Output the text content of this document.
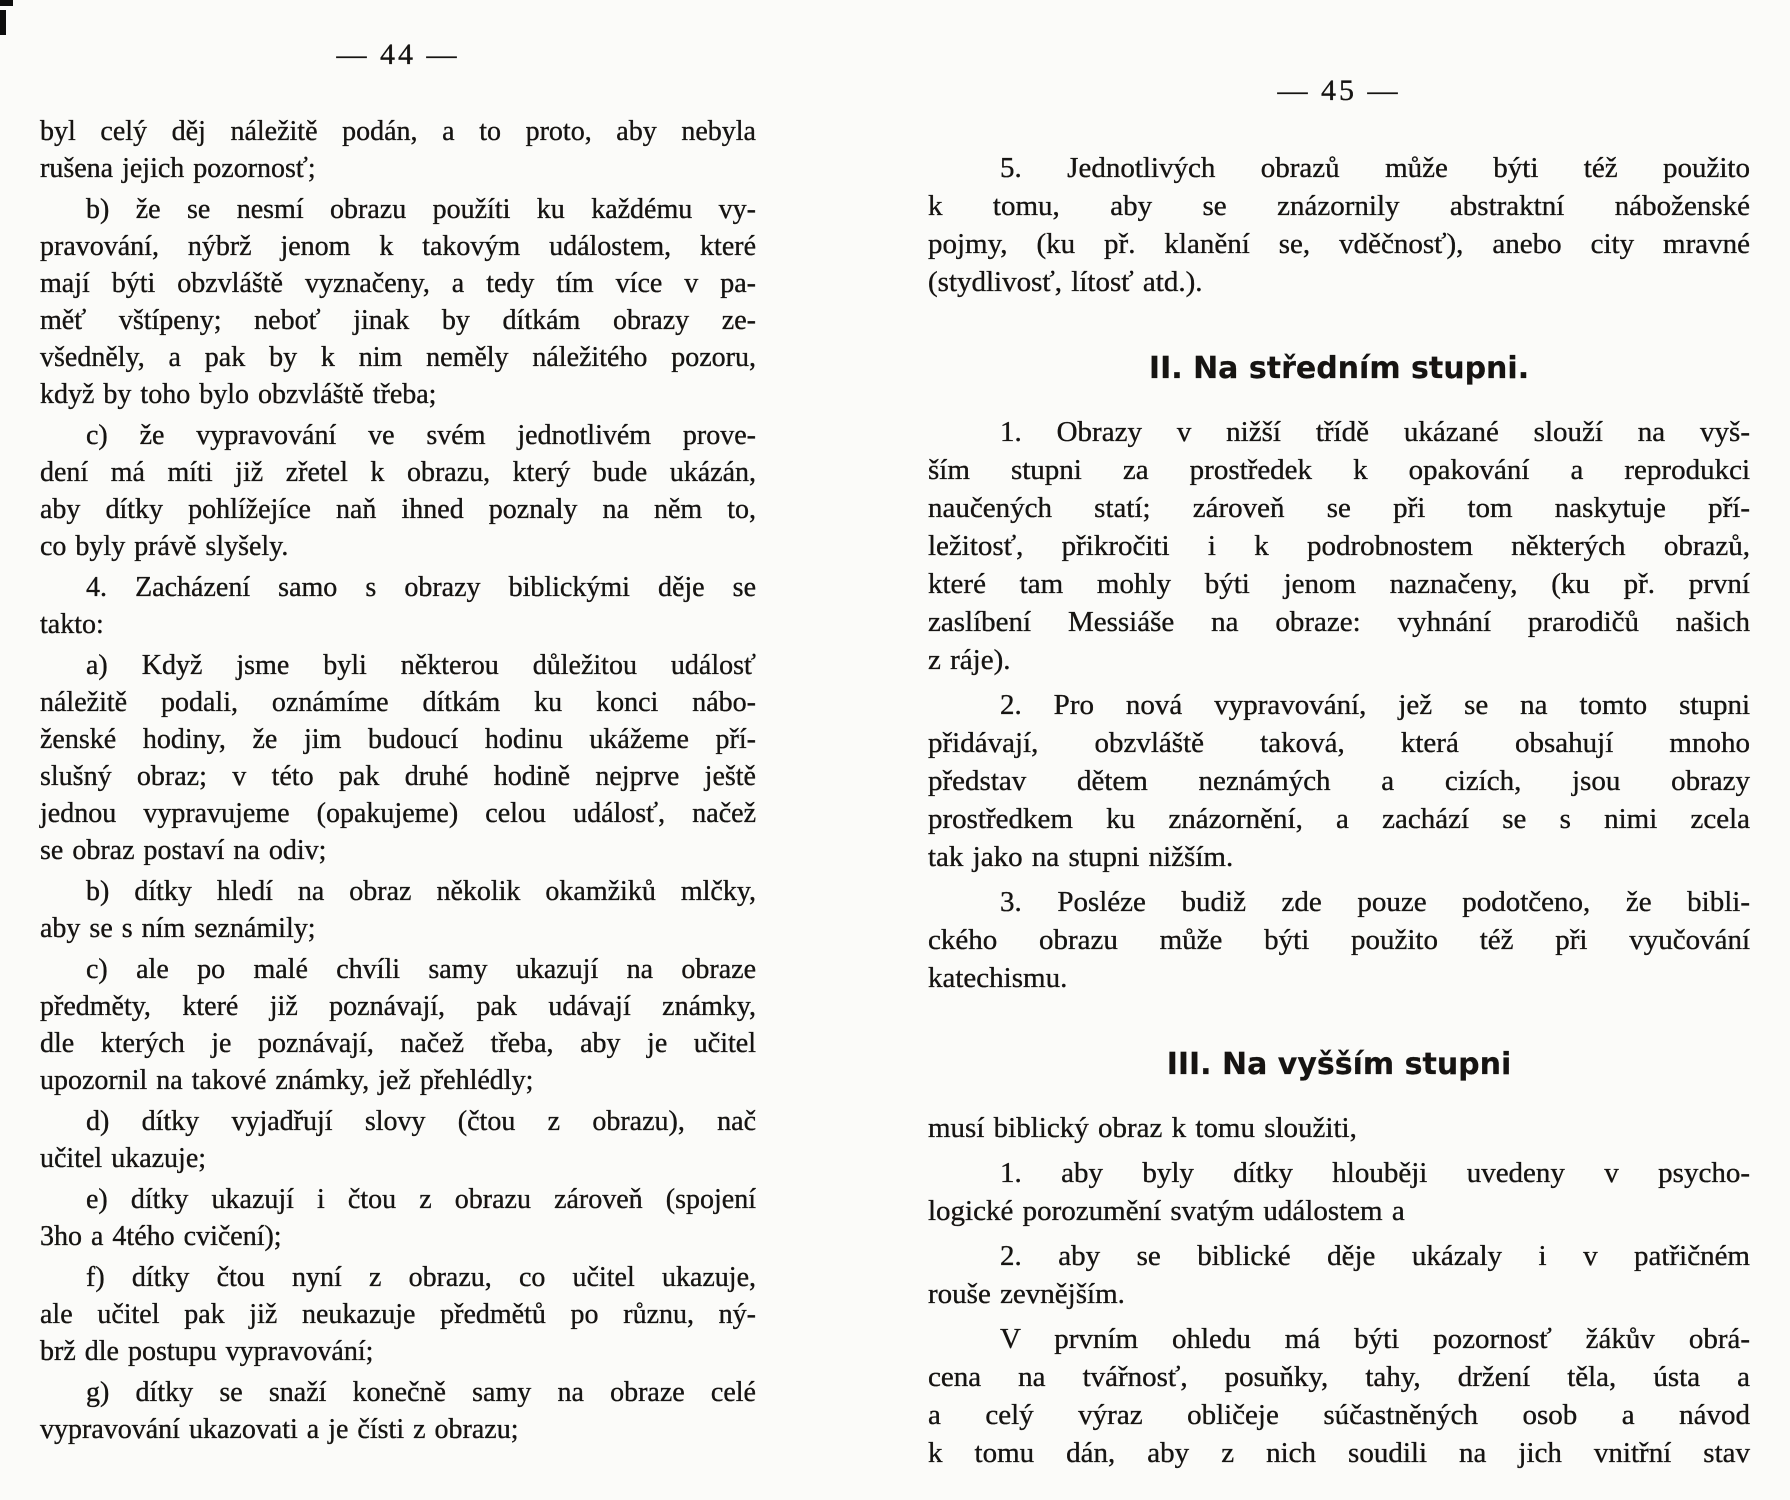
— 44 —
byl celý děj náležitě podán, a to proto, aby nebyla
rušena jejich pozornosť;
b) že se nesmí obrazu použíti ku každému vy-
pravování, nýbrž jenom k takovým událostem, které
mají býti obzvláště vyznačeny, a tedy tím více v pa-
měť vštípeny; neboť jinak by dítkám obrazy ze-
všedněly, a pak by k nim neměly náležitého pozoru,
když by toho bylo obzvláště třeba;
c) že vypravování ve svém jednotlivém prove-
dení má míti již zřetel k obrazu, který bude ukázán,
aby dítky pohlížejíce naň ihned poznaly na něm to,
co byly právě slyšely.
4. Zacházení samo s obrazy biblickými děje se
takto:
a) Když jsme byli některou důležitou událosť
náležitě podali, oznámíme dítkám ku konci nábo-
ženské hodiny, že jim budoucí hodinu ukážeme pří-
slušný obraz; v této pak druhé hodině nejprve ještě
jednou vypravujeme (opakujeme) celou událosť, načež
se obraz postaví na odiv;
b) dítky hledí na obraz několik okamžiků mlčky,
aby se s ním seznámily;
c) ale po malé chvíli samy ukazují na obraze
předměty, které již poznávají, pak udávají známky,
dle kterých je poznávají, načež třeba, aby je učitel
upozornil na takové známky, jež přehlédly;
d) dítky vyjadřují slovy (čtou z obrazu), nač
učitel ukazuje;
e) dítky ukazují i čtou z obrazu zároveň (spojení
3ho a 4tého cvičení);
f) dítky čtou nyní z obrazu, co učitel ukazuje,
ale učitel pak již neukazuje předmětů po různu, ný-
brž dle postupu vypravování;
g) dítky se snaží konečně samy na obraze celé
vypravování ukazovati a je čísti z obrazu;
— 45 —
5. Jednotlivých obrazů může býti též použito
k tomu, aby se znázornily abstraktní náboženské
pojmy, (ku př. klanění se, vděčnosť), anebo city mravné
(stydlivosť, lítosť atd.).
II. Na středním stupni.
1. Obrazy v nižší třídě ukázané slouží na vyš-
ším stupni za prostředek k opakování a reprodukci
naučených statí; zároveň se při tom naskytuje pří-
ležitosť, přikročiti i k podrobnostem některých obrazů,
které tam mohly býti jenom naznačeny, (ku př. první
zaslíbení Messiáše na obraze: vyhnání prarodičů našich
z ráje).
2. Pro nová vypravování, jež se na tomto stupni
přidávají, obzvláště taková, která obsahují mnoho
představ dětem neznámých a cizích, jsou obrazy
prostředkem ku znázornění, a zachází se s nimi zcela
tak jako na stupni nižším.
3. Posléze budiž zde pouze podotčeno, že bibli-
ckého obrazu může býti použito též při vyučování
katechismu.
III. Na vyšším stupni
musí biblický obraz k tomu sloužiti,
1. aby byly dítky hlouběji uvedeny v psycho-
logické porozumění svatým událostem a
2. aby se biblické děje ukázaly i v patřičném
rouše zevnějším.
V prvním ohledu má býti pozornosť žákův obrá-
cena na tvářnosť, posuňky, tahy, držení těla, ústa a
a celý výraz obličeje súčastněných osob a návod
k tomu dán, aby z nich soudili na jich vnitřní stav
